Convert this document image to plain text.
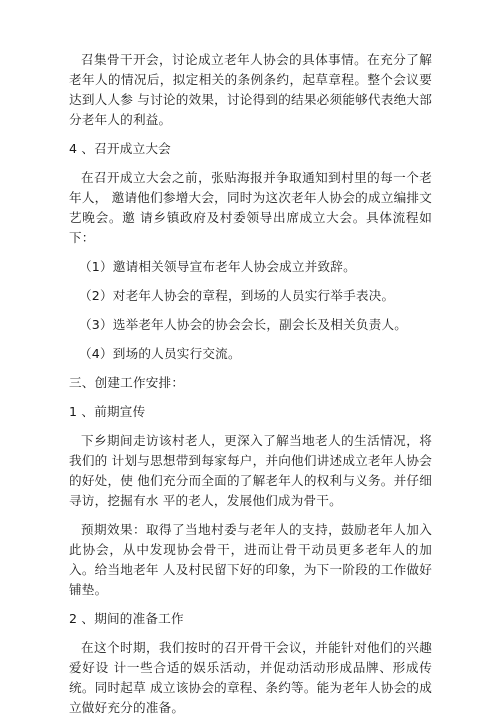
召集骨干开会，讨论成立老年人协会的具体事情。在充分了解老年人的情况后，拟定相关的条例条约，起草章程。整个会议要达到人人参 与讨论的效果，讨论得到的结果必须能够代表绝大部分老年人的利益。

4 、召开成立大会

在召开成立大会之前，张贴海报并争取通知到村里的每一个老年人， 邀请他们参增大会，同时为这次老年人协会的成立编排文艺晚会。邀 请乡镇政府及村委领导出席成立大会。具体流程如下：

（1）邀请相关领导宣布老年人协会成立并致辞。

（2）对老年人协会的章程，到场的人员实行举手表决。

（3）选举老年人协会的协会会长，副会长及相关负责人。

（4）到场的人员实行交流。

三、创建工作安排：

1 、前期宣传

下乡期间走访该村老人，更深入了解当地老人的生活情况，将我们的 计划与思想带到每家每户，并向他们讲述成立老年人协会的好处，使 他们充分而全面的了解老年人的权利与义务。并仔细寻访，挖掘有水 平的老人，发展他们成为骨干。

预期效果：取得了当地村委与老年人的支持，鼓励老年人加入此协会，从中发现协会骨干，进而让骨干动员更多老年人的加入。给当地老年 人及村民留下好的印象，为下一阶段的工作做好铺垫。

2 、期间的准备工作

在这个时期，我们按时的召开骨干会议，并能针对他们的兴趣爱好设 计一些合适的娱乐活动，并促动活动形成品牌、形成传统。同时起草 成立该协会的章程、条约等。能为老年人协会的成立做好充分的准备。
